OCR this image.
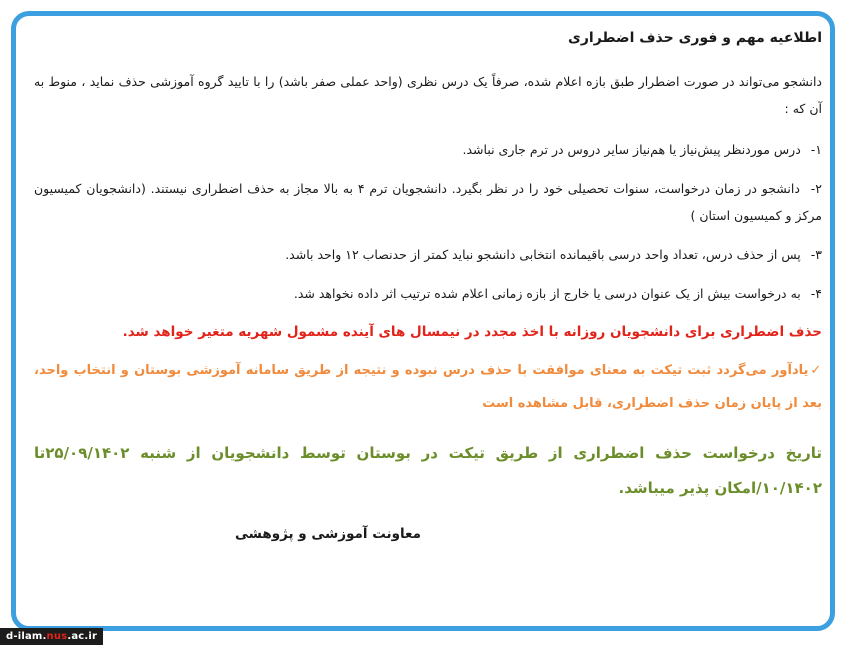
اطلاعیه مهم و فوری حذف اضطراری
دانشجو می‌تواند در صورت اضطرار طبق بازه اعلام شده، صرفاً یک درس نظری (واحد عملی صفر باشد) را با تایید گروه آموزشی حذف نماید ، منوط به آن که :
۱- درس موردنظر پیش‌نیاز یا هم‌نیاز سایر دروس در ترم جاری نباشد.
۲- دانشجو در زمان درخواست، سنوات تحصیلی خود را در نظر بگیرد. دانشجویان ترم ۴ به بالا مجاز به حذف اضطراری نیستند. (دانشجویان کمیسیون مرکز و کمیسیون استان )
۳- پس از حذف درس، تعداد واحد درسی باقیمانده انتخابی دانشجو نباید کمتر از حدنصاب ۱۲ واحد باشد.
۴- به درخواست بیش از یک عنوان درسی یا خارج از بازه زمانی اعلام شده ترتیب اثر داده نخواهد شد.
حذف اضطراری برای دانشجویان روزانه با اخذ مجدد در نیمسال های آینده مشمول شهریه متغیر خواهد شد.
✓یادآور می‌گردد ثبت تیکت به معنای موافقت با حذف درس نبوده و نتیجه از طریق سامانه آموزشی بوستان و انتخاب واحد، بعد از پایان زمان حذف اضطراری، قابل مشاهده است
تاریخ درخواست حذف اضطراری از طریق تیکت در بوستان توسط دانشجویان از شنبه ۲۵/۰۹/۱۴۰۲تا ۱۰/۱۴۰۲/امکان پذیر میباشد.
معاونت آموزشی و پژوهشی
d-ilam.nus.ac.ir
